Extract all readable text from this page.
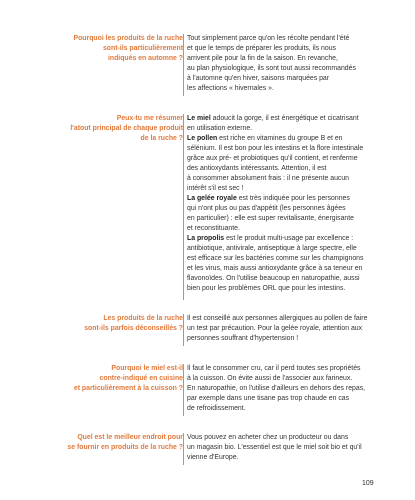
Pourquoi les produits de la ruche
sont-ils particulièrement
indiqués en automne ?
Tout simplement parce qu'on les récolte pendant l'été
et que le temps de préparer les produits, ils nous
arrivent pile pour la fin de la saison. En revanche,
au plan physiologique, ils sont tout aussi recommandés
à l'automne qu'en hiver, saisons marquées par
les affections « hivernales ».
Peux-tu me résumer
l'atout principal de chaque produit
de la ruche ?
Le miel adoucit la gorge, il est énergétique et cicatrisant
en utilisation externe.
Le pollen est riche en vitamines du groupe B et en
sélénium. Il est bon pour les intestins et la flore intestinale
grâce aux pré- et probiotiques qu'il contient, et renferme
des antioxydants intéressants. Attention, il est
à consommer absolument frais : il ne présente aucun
intérêt s'il est sec !
La gelée royale est très indiquée pour les personnes
qui n'ont plus ou pas d'appétit (les personnes âgées
en particulier) : elle est super revitalisante, énergisante
et reconstituante.
La propolis est le produit multi-usage par excellence :
antibiotique, antivirale, antiseptique à large spectre, elle
est efficace sur les bactéries comme sur les champignons
et les virus, mais aussi antioxydante grâce à sa teneur en
flavonoïdes. On l'utilise beaucoup en naturopathie, aussi
bien pour les problèmes ORL que pour les intestins.
Les produits de la ruche
sont-ils parfois déconseillés ?
Il est conseillé aux personnes allergiques au pollen de faire
un test par précaution. Pour la gelée royale, attention aux
personnes souffrant d'hypertension !
Pourquoi le miel est-il
contre-indiqué en cuisine
et particulièrement à la cuisson ?
Il faut le consommer cru, car il perd toutes ses propriétés
à la cuisson. On évite aussi de l'associer aux farineux.
En naturopathie, on l'utilise d'ailleurs en dehors des repas,
par exemple dans une tisane pas trop chaude en cas
de refroidissement.
Quel est le meilleur endroit pour
se fournir en produits de la ruche ?
Vous pouvez en acheter chez un producteur ou dans
un magasin bio. L'essentiel est que le miel soit bio et qu'il
vienne d'Europe.
109
